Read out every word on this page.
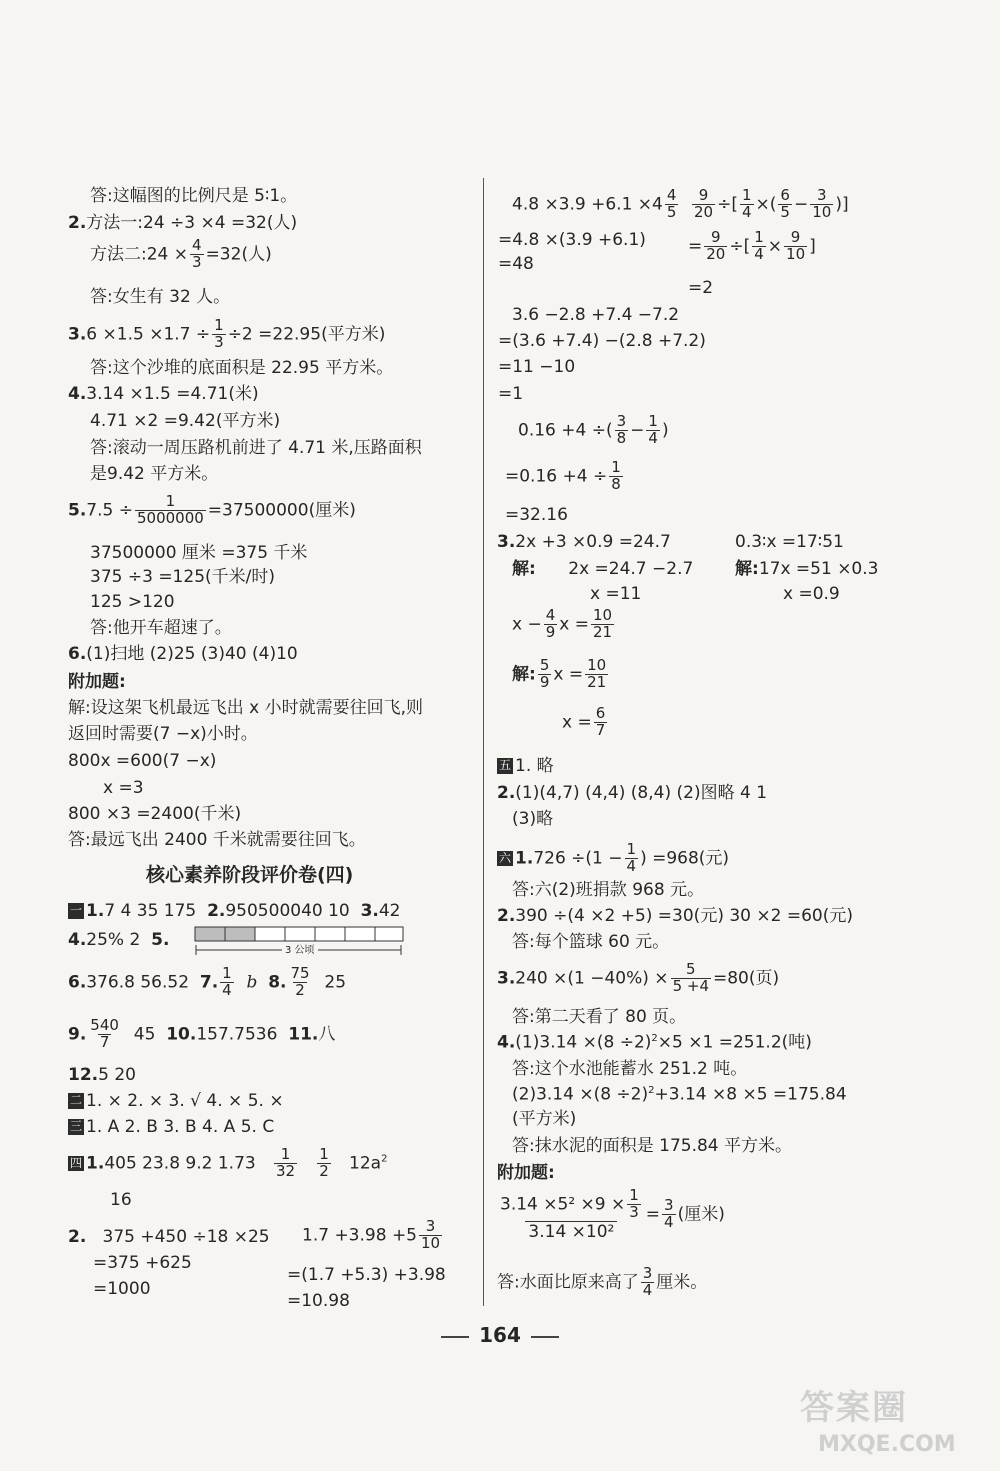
答:这幅图的比例尺是 5∶1。
2.方法一:24 ÷3 ×4 =32(人)
方法二:24 × $\frac{4}{3} =32$(人)
答:女生有 32 人。
$3.6 \times 1.5 \times 1.7 \div \frac{1}{3} \div 2 =22.95$(平方米)
答:这个沙堆的底面积是 22.95 平方米。
4.3.14 ×1.5 =4.71(米)
4.71 ×2 =9.42(平方米)
答:滚动一周压路机前进了 4.71 米,压路面积
是9.42 平方米。
$5.7.5 \div \frac{1}{5000000} =37500000$(厘米)
37500000 厘米 =375 千米
375 ÷3 =125(千米/时)
125 >120
答:他开车超速了。
6.(1)扫地 (2)25 (3)40 (4)10
附加题:
解:设这架飞机最远飞出 x 小时就需要往回飞,则
返回时需要(7 −x)小时。
800x =600(7 −x)
x =3
800 ×3 =2400(千米)
答:最远飞出 2400 千米就需要往回飞。
核心素养阶段评价卷(四)
一 1.7 4 35 175 2.950500040 10 3.42
4.25% 2 5.
3 公顷
6.376.8 56.52 7. $\frac{1}{4}$ b 8. $\frac{75}{2} 25$
9. $\frac{540}{7} 45$ 10.157.7536 11.八
12.5 20
二 1. × 2. × 3. √ 4. × 5. ×
三 1. A 2. B 3. B 4. A 5. C
四 1.405 23.8 9.2 $1.73 \frac{1}{32}$
$\frac{1}{2} 12a^2$
16
2. 375 +450 ÷18 ×25 $1.7 +3.98 +5 \frac{3}{10}$
=375 +625
=(1.7 +5.3) +3.98
=1000
=10.98
$4.8 \times 3.9 +6.1 \times 4 \frac{4}{5} \frac{9}{20}$ ÷[ $\frac{1}{4}$ ×( $\frac{6}{5} - \frac{3}{10}$ )]
$=4.8 \times(3.9 +6.1) = \frac{9}{20}$ ÷[ $\frac{1}{4} \times \frac{9}{10}$ ]
=48
=2
3.6 −2.8 +7.4 −7.2
=(3.6 +7.4) −(2.8 +7.2)
=11 −10
=1
0.16 +4 ÷( $\frac{3}{8} - \frac{1}{4}$ )
$=0.16 +4 \div \frac{1}{8}$
=32.16
3.2x +3 ×0.9 =24.7	0.3∶x =17∶51
解: 2x =24.7 −2.7 解:17x =51 ×0.3
x =11	x =0.9
$x - \frac{4}{9}$ $x = \frac{10}{21}$
解: $\frac{5}{9}$ $x = \frac{10}{21}$
$x = \frac{6}{7}$
五 1. 略
2.(1)(4,7) (4,4) (8,4) (2)图略 4 1
(3)略
六 $1.726 \div(1 - \frac{1}{4}$ ) =968(元)
答:六(2)班捐款 968 元。
2.390 ÷(4 ×2 +5) =30(元) 30 ×2 =60(元)
答:每个篮球 60 元。
$3.240 \times(1 -40\%) \times \frac{5}{5 +4} =80$(页)
答:第二天看了 80 页。
$4.(1)3.14 \times(8 \div 2)^2\times 5 \times 1 =251.2$(吨)
答:这个水池能蓄水 251.2 吨。
$(2)3.14 \times(8 \div 2)^2+3.14 \times 8 \times 5 =175.84$
(平方米)
答:抹水泥的面积是 175.84 平方米。
附加题:
$\frac{3.14 \times 5^2 \times 9 \times \frac{1}{3}}{\text{3.14 ×10²}} = \frac{3}{4}$ (厘米)
答:水面比原来高了 $\frac{3}{4}$ 厘米。
164
答案圈
MXQE.COM
